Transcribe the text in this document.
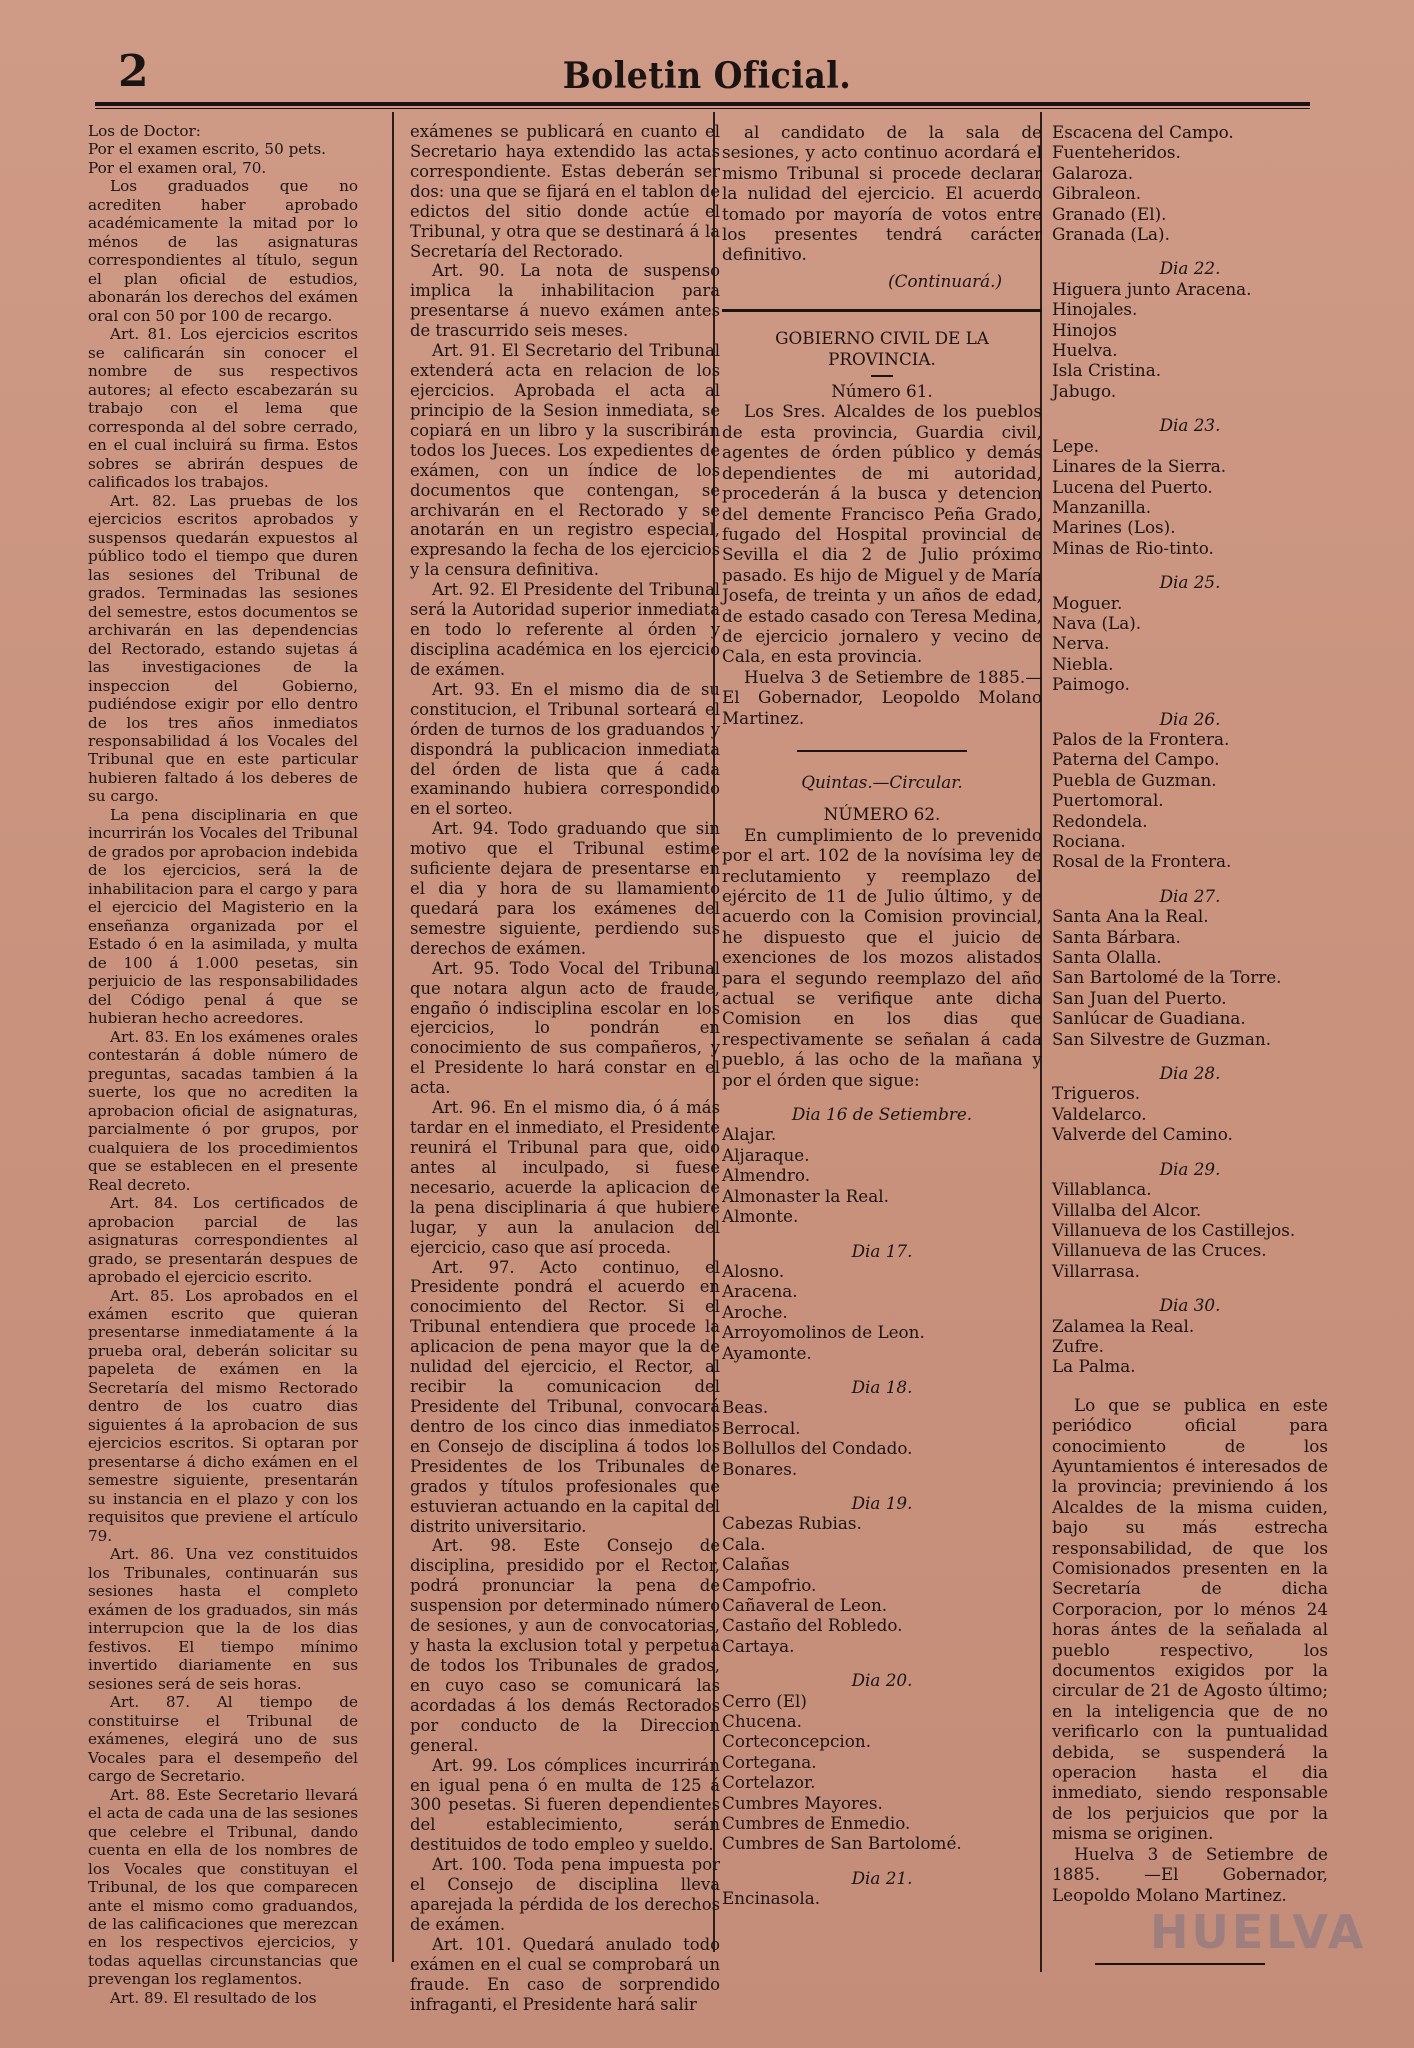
2	Boletin Oficial.

Los de Doctor:

Por el examen escrito, 50 pets.

Por el examen oral, 70.

Los graduados que no acrediten haber aprobado académicamente la mitad por lo ménos de las asignaturas correspondientes al título, segun el plan oficial de estudios, abonarán los derechos del exámen oral con 50 por 100 de recargo.

Art. 81. Los ejercicios escritos se calificarán sin conocer el nombre de sus respectivos autores; al efecto escabezarán su trabajo con el lema que corresponda al del sobre cerrado, en el cual incluirá su firma. Estos sobres se abrirán despues de calificados los trabajos.

Art. 82. Las pruebas de los ejercicios escritos aprobados y suspensos quedarán expuestos al público todo el tiempo que duren las sesiones del Tribunal de grados. Terminadas las sesiones del semestre, estos documentos se archivarán en las dependencias del Rectorado, estando sujetas á las investigaciones de la inspeccion del Gobierno, pudiéndose exigir por ello dentro de los tres años inmediatos responsabilidad á los Vocales del Tribunal que en este particular hubieren faltado á los deberes de su cargo.

La pena disciplinaria en que incurrirán los Vocales del Tribunal de grados por aprobacion indebida de los ejercicios, será la de inhabilitacion para el cargo y para el ejercicio del Magisterio en la enseñanza organizada por el Estado ó en la asimilada, y multa de 100 á 1.000 pesetas, sin perjuicio de las responsabilidades del Código penal á que se hubieran hecho acreedores.

Art. 83. En los exámenes orales contestarán á doble número de preguntas, sacadas tambien á la suerte, los que no acrediten la aprobacion oficial de asignaturas, parcialmente ó por grupos, por cualquiera de los procedimientos que se establecen en el presente Real decreto.

Art. 84. Los certificados de aprobacion parcial de las asignaturas correspondientes al grado, se presentarán despues de aprobado el ejercicio escrito.

Art. 85. Los aprobados en el exámen escrito que quieran presentarse inmediatamente á la prueba oral, deberán solicitar su papeleta de exámen en la Secretaría del mismo Rectorado dentro de los cuatro dias siguientes á la aprobacion de sus ejercicios escritos. Si optaran por presentarse á dicho exámen en el semestre siguiente, presentarán su instancia en el plazo y con los requisitos que previene el artículo 79.

Art. 86. Una vez constituidos los Tribunales, continuarán sus sesiones hasta el completo exámen de los graduados, sin más interrupcion que la de los dias festivos. El tiempo mínimo invertido diariamente en sus sesiones será de seis horas.

Art. 87. Al tiempo de constituirse el Tribunal de exámenes, elegirá uno de sus Vocales para el desempeño del cargo de Secretario.

Art. 88. Este Secretario llevará el acta de cada una de las sesiones que celebre el Tribunal, dando cuenta en ella de los nombres de los Vocales que constituyan el Tribunal, de los que comparecen ante el mismo como graduandos, de las calificaciones que merezcan en los respectivos ejercicios, y todas aquellas circunstancias que prevengan los reglamentos.

Art. 89. El resultado de los

exámenes se publicará en cuanto el Secretario haya extendido las actas correspondiente. Estas deberán ser dos: una que se fijará en el tablon de edictos del sitio donde actúe el Tribunal, y otra que se destinará á la Secretaría del Rectorado.

Art. 90. La nota de suspenso implica la inhabilitacion para presentarse á nuevo exámen antes de trascurrido seis meses.

Art. 91. El Secretario del Tribunal extenderá acta en relacion de los ejercicios. Aprobada el acta al principio de la Sesion inmediata, se copiará en un libro y la suscribirán todos los Jueces. Los expedientes de exámen, con un índice de los documentos que contengan, se archivarán en el Rectorado y se anotarán en un registro especial, expresando la fecha de los ejercicios y la censura definitiva.

Art. 92. El Presidente del Tribunal será la Autoridad superior inmediata en todo lo referente al órden y disciplina académica en los ejercicio de exámen.

Art. 93. En el mismo dia de su constitucion, el Tribunal sorteará el órden de turnos de los graduandos y dispondrá la publicacion inmediata del órden de lista que á cada examinando hubiera correspondido en el sorteo.

Art. 94. Todo graduando que sin motivo que el Tribunal estime suficiente dejara de presentarse en el dia y hora de su llamamiento quedará para los exámenes del semestre siguiente, perdiendo sus derechos de exámen.

Art. 95. Todo Vocal del Tribunal que notara algun acto de fraude, engaño ó indisciplina escolar en los ejercicios, lo pondrán en conocimiento de sus compañeros, y el Presidente lo hará constar en el acta.

Art. 96. En el mismo dia, ó á más tardar en el inmediato, el Presidente reunirá el Tribunal para que, oido antes al inculpado, si fuese necesario, acuerde la aplicacion de la pena disciplinaria á que hubiere lugar, y aun la anulacion del ejercicio, caso que así proceda.

Art. 97. Acto continuo, el Presidente pondrá el acuerdo en conocimiento del Rector. Si el Tribunal entendiera que procede la aplicacion de pena mayor que la de nulidad del ejercicio, el Rector, al recibir la comunicacion del Presidente del Tribunal, convocará dentro de los cinco dias inmediatos en Consejo de disciplina á todos los Presidentes de los Tribunales de grados y títulos profesionales que estuvieran actuando en la capital del distrito universitario.

Art. 98. Este Consejo de disciplina, presidido por el Rector, podrá pronunciar la pena de suspension por determinado número de sesiones, y aun de convocatorias, y hasta la exclusion total y perpetua de todos los Tribunales de grados, en cuyo caso se comunicará las acordadas á los demás Rectorados por conducto de la Direccion general.

Art. 99. Los cómplices incurrirán en igual pena ó en multa de 125 á 300 pesetas. Si fueren dependientes del establecimiento, serán destituidos de todo empleo y sueldo.

Art. 100. Toda pena impuesta por el Consejo de disciplina lleva aparejada la pérdida de los derechos de exámen.

Art. 101. Quedará anulado todo exámen en el cual se comprobará un fraude. En caso de sorprendido infraganti, el Presidente hará salir

al candidato de la sala de sesiones, y acto continuo acordará el mismo Tribunal si procede declarar la nulidad del ejercicio. El acuerdo tomado por mayoría de votos entre los presentes tendrá carácter definitivo.

(Continuará.)

GOBIERNO CIVIL DE LA PROVINCIA.

Número 61.

Los Sres. Alcaldes de los pueblos de esta provincia, Guardia civil, agentes de órden público y demás dependientes de mi autoridad, procederán á la busca y detencion del demente Francisco Peña Grado, fugado del Hospital provincial de Sevilla el dia 2 de Julio próximo pasado. Es hijo de Miguel y de María Josefa, de treinta y un años de edad, de estado casado con Teresa Medina, de ejercicio jornalero y vecino de Cala, en esta provincia.

Huelva 3 de Setiembre de 1885.— El Gobernador, Leopoldo Molano Martinez.

Quintas.—Circular.

NÚMERO 62.

En cumplimiento de lo prevenido por el art. 102 de la novísima ley de reclutamiento y reemplazo del ejército de 11 de Julio último, y de acuerdo con la Comision provincial, he dispuesto que el juicio de exenciones de los mozos alistados para el segundo reemplazo del año actual se verifique ante dicha Comision en los dias que respectivamente se señalan á cada pueblo, á las ocho de la mañana y por el órden que sigue:

Dia 16 de Setiembre.

Alajar.

Aljaraque.

Almendro.

Almonaster la Real.

Almonte.

Dia 17.

Alosno.

Aracena.

Aroche.

Arroyomolinos de Leon.

Ayamonte.

Dia 18.

Beas.

Berrocal.

Bollullos del Condado.

Bonares.

Dia 19.

Cabezas Rubias.

Cala.

Calañas

Campofrio.

Cañaveral de Leon.

Castaño del Robledo.

Cartaya.

Dia 20.

Cerro (El)

Chucena.

Corteconcepcion.

Cortegana.

Cortelazor.

Cumbres Mayores.

Cumbres de Enmedio.

Cumbres de San Bartolomé.

Dia 21.

Encinasola.

Escacena del Campo.

Fuenteheridos.

Galaroza.

Gibraleon.

Granado (El).

Granada (La).

Dia 22.

Higuera junto Aracena.

Hinojales.

Hinojos

Huelva.

Isla Cristina.

Jabugo.

Dia 23.

Lepe.

Linares de la Sierra.

Lucena del Puerto.

Manzanilla.

Marines (Los).

Minas de Rio-tinto.

Dia 25.

Moguer.

Nava (La).

Nerva.

Niebla.

Paimogo.

Dia 26.

Palos de la Frontera.

Paterna del Campo.

Puebla de Guzman.

Puertomoral.

Redondela.

Rociana.

Rosal de la Frontera.

Dia 27.

Santa Ana la Real.

Santa Bárbara.

Santa Olalla.

San Bartolomé de la Torre.

San Juan del Puerto.

Sanlúcar de Guadiana.

San Silvestre de Guzman.

Dia 28.

Trigueros.

Valdelarco.

Valverde del Camino.

Dia 29.

Villablanca.

Villalba del Alcor.

Villanueva de los Castillejos.

Villanueva de las Cruces.

Villarrasa.

Dia 30.

Zalamea la Real.

Zufre.

La Palma.

Lo que se publica en este periódico oficial para conocimiento de los Ayuntamientos é interesados de la provincia; previniendo á los Alcaldes de la misma cuiden, bajo su más estrecha responsabilidad, de que los Comisionados presenten en la Secretaría de dicha Corporacion, por lo ménos 24 horas ántes de la señalada al pueblo respectivo, los documentos exigidos por la circular de 21 de Agosto último; en la inteligencia que de no verificarlo con la puntualidad debida, se suspenderá la operacion hasta el dia inmediato, siendo responsable de los perjuicios que por la misma se originen.

Huelva 3 de Setiembre de 1885. —El Gobernador, Leopoldo Molano Martinez.

HUELVA
